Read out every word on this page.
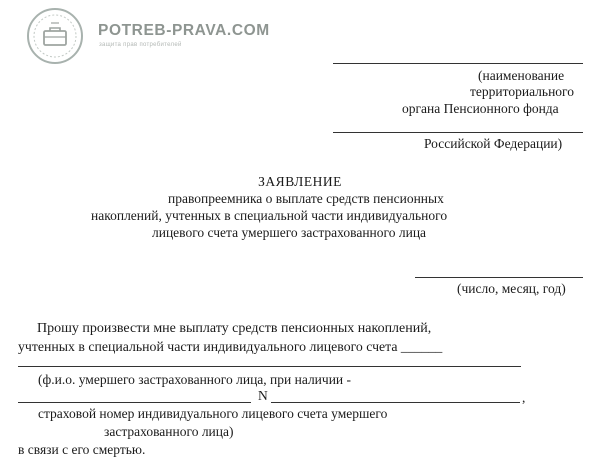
POTREB-PRAVA.COM
защита прав потребителей
(наименование
территориального
органа Пенсионного фонда
Российской Федерации)
ЗАЯВЛЕНИЕ
правопреемника о выплате средств пенсионных
накоплений, учтенных в специальной части индивидуального
лицевого счета умершего застрахованного лица
(число, месяц, год)
Прошу произвести мне выплату средств пенсионных накоплений,
учтенных в специальной части индивидуального лицевого счета ______
(ф.и.о. умершего застрахованного лица, при наличии -
N	,
страховой номер индивидуального лицевого счета умершего
застрахованного лица)
в связи с его смертью.
